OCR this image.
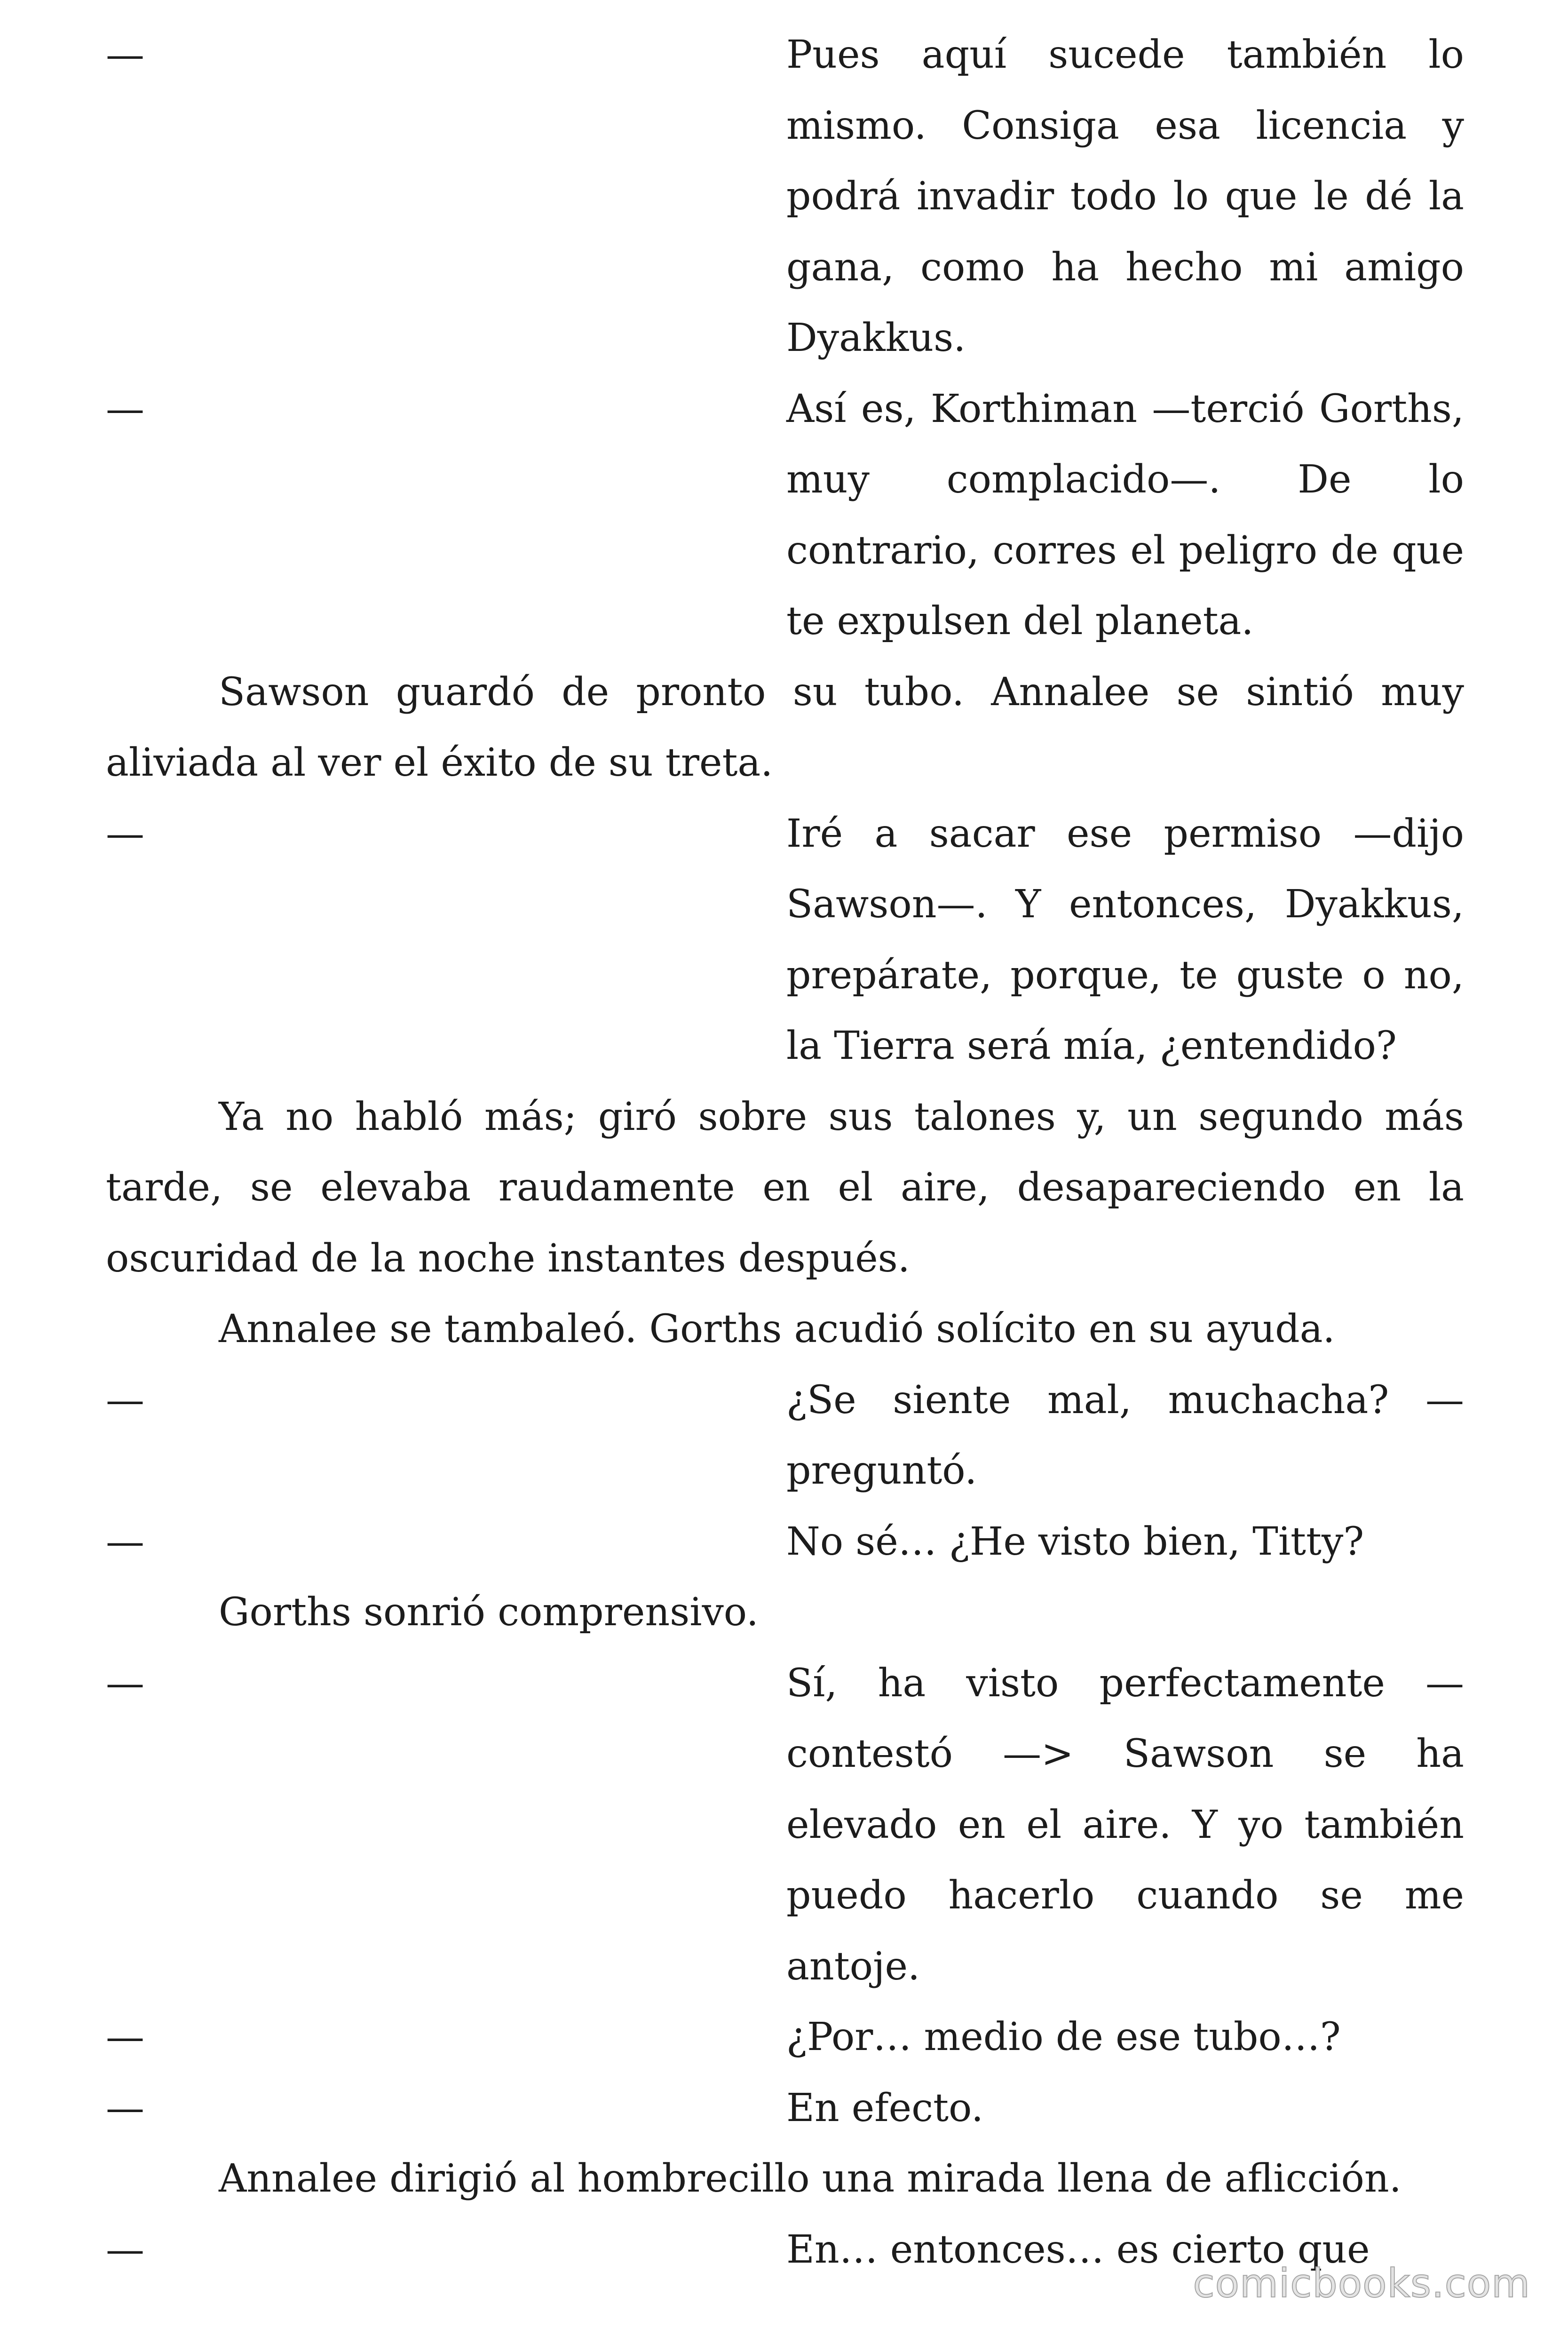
—	Pues aquí sucede también lo mismo. Consiga esa licencia y podrá invadir todo lo que le dé la gana, como ha hecho mi amigo Dyakkus.
—	Así es, Korthiman —terció Gorths, muy complacido—. De lo contrario, corres el peligro de que te expulsen del planeta.
Sawson guardó de pronto su tubo. Annalee se sintió muy aliviada al ver el éxito de su treta.
—	Iré a sacar ese permiso —dijo Sawson—. Y entonces, Dyakkus, prepárate, porque, te guste o no, la Tierra será mía, ¿entendido?
Ya no habló más; giró sobre sus talones y, un segundo más tarde, se elevaba raudamente en el aire, desapareciendo en la oscuridad de la noche instantes después.
Annalee se tambaleó. Gorths acudió solícito en su ayuda.
—	¿Se siente mal, muchacha? —preguntó.
—	No sé… ¿He visto bien, Titty?
Gorths sonrió comprensivo.
—	Sí, ha visto perfectamente —contestó —> Sawson se ha elevado en el aire. Y yo también puedo hacerlo cuando se me antoje.
—	¿Por… medio de ese tubo…?
—	En efecto.
Annalee dirigió al hombrecillo una mirada llena de aflicción.
—	En… entonces… es cierto que
comicbooks.com
